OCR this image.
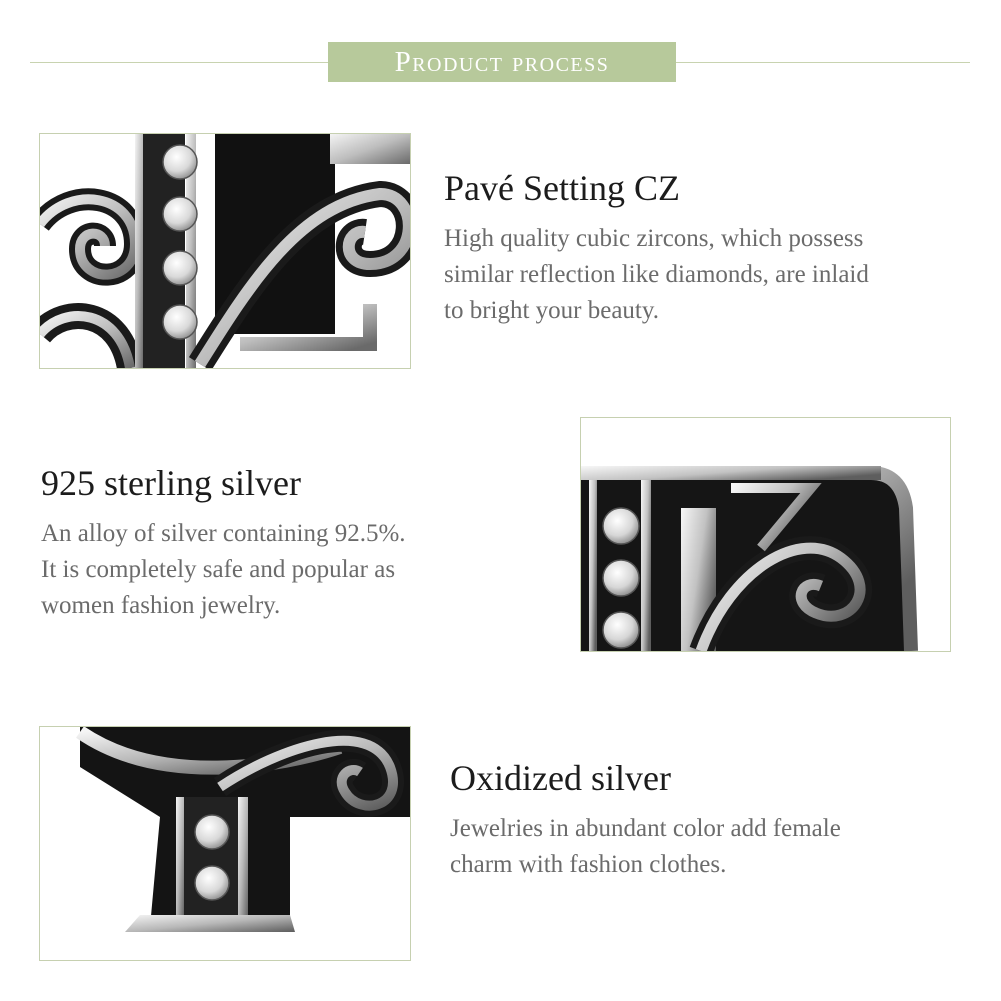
Product process
Pavé Setting CZ

High quality cubic zircons, which possess
similar reflection like diamonds, are inlaid
to bright your beauty.

925 sterling silver

An alloy of silver containing 92.5%.
It is completely safe and popular as
women fashion jewelry.

Oxidized silver

Jewelries in abundant color add female
charm with fashion clothes.
